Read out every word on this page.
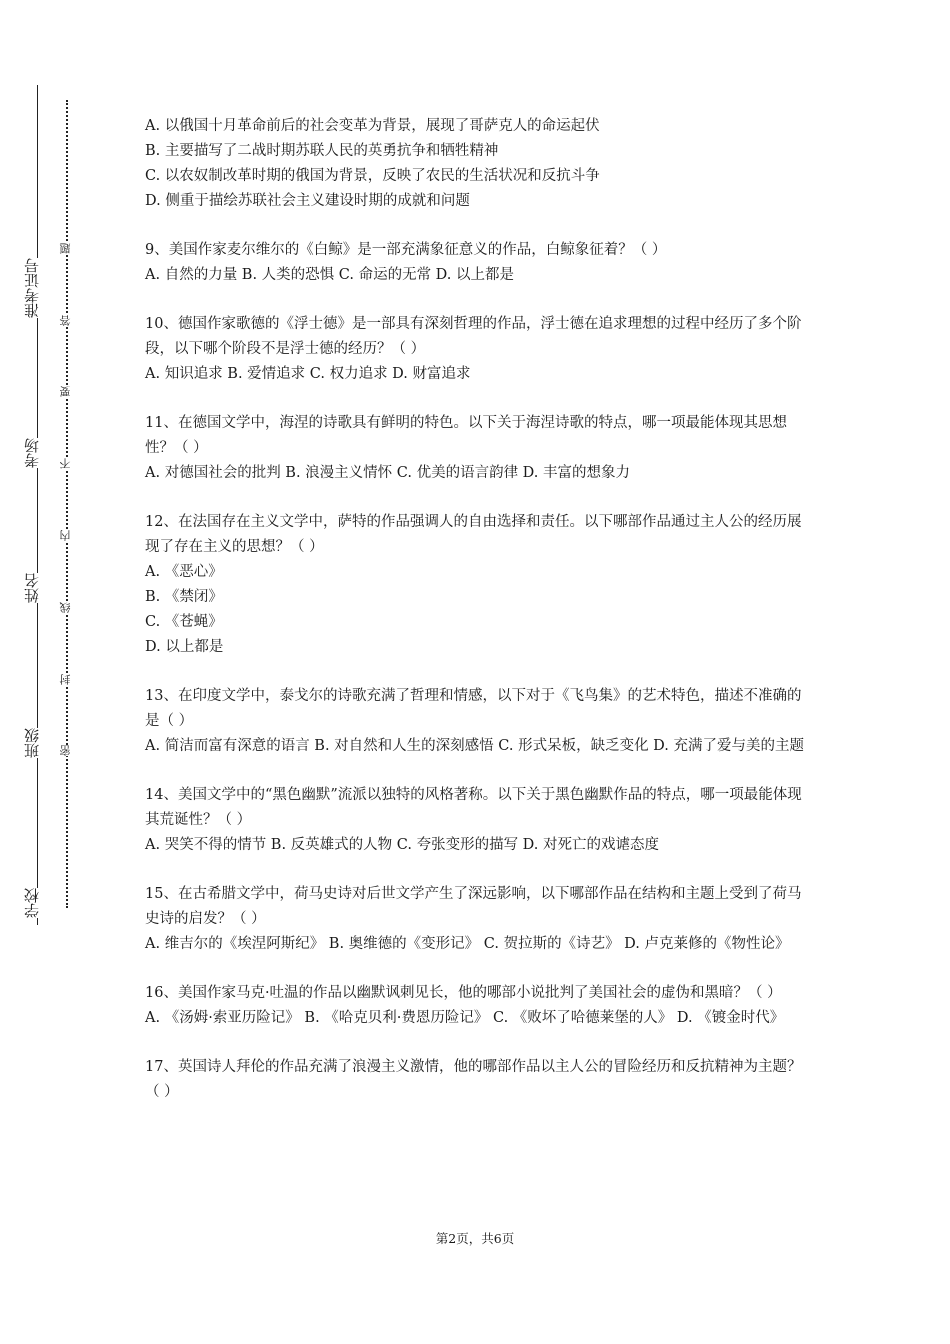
准考证号
考场
姓名
班级
学校
题
答
要
不
内
线
封
密
A. 以俄国十月革命前后的社会变革为背景，展现了哥萨克人的命运起伏
B. 主要描写了二战时期苏联人民的英勇抗争和牺牲精神
C. 以农奴制改革时期的俄国为背景，反映了农民的生活状况和反抗斗争
D. 侧重于描绘苏联社会主义建设时期的成就和问题
9、美国作家麦尔维尔的《白鲸》是一部充满象征意义的作品，白鲸象征着？（ ）
A. 自然的力量 B. 人类的恐惧 C. 命运的无常 D. 以上都是
10、德国作家歌德的《浮士德》是一部具有深刻哲理的作品，浮士德在追求理想的过程中经历了多个阶段，以下哪个阶段不是浮士德的经历？（ ）
A. 知识追求 B. 爱情追求 C. 权力追求 D. 财富追求
11、在德国文学中，海涅的诗歌具有鲜明的特色。以下关于海涅诗歌的特点，哪一项最能体现其思想性？（ ）
A. 对德国社会的批判 B. 浪漫主义情怀 C. 优美的语言韵律 D. 丰富的想象力
12、在法国存在主义文学中，萨特的作品强调人的自由选择和责任。以下哪部作品通过主人公的经历展现了存在主义的思想？（ ）
A. 《恶心》
B. 《禁闭》
C. 《苍蝇》
D. 以上都是
13、在印度文学中，泰戈尔的诗歌充满了哲理和情感，以下对于《飞鸟集》的艺术特色，描述不准确的是（ ）
A. 简洁而富有深意的语言 B. 对自然和人生的深刻感悟 C. 形式呆板，缺乏变化 D. 充满了爱与美的主题
14、美国文学中的“黑色幽默”流派以独特的风格著称。以下关于黑色幽默作品的特点，哪一项最能体现其荒诞性？（ ）
A. 哭笑不得的情节 B. 反英雄式的人物 C. 夸张变形的描写 D. 对死亡的戏谑态度
15、在古希腊文学中，荷马史诗对后世文学产生了深远影响，以下哪部作品在结构和主题上受到了荷马史诗的启发？（ ）
A. 维吉尔的《埃涅阿斯纪》 B. 奥维德的《变形记》 C. 贺拉斯的《诗艺》 D. 卢克莱修的《物性论》
16、美国作家马克·吐温的作品以幽默讽刺见长，他的哪部小说批判了美国社会的虚伪和黑暗？（ ）
A. 《汤姆·索亚历险记》 B. 《哈克贝利·费恩历险记》 C. 《败坏了哈德莱堡的人》 D. 《镀金时代》
17、英国诗人拜伦的作品充满了浪漫主义激情，他的哪部作品以主人公的冒险经历和反抗精神为主题？（ ）
第2页，共6页
